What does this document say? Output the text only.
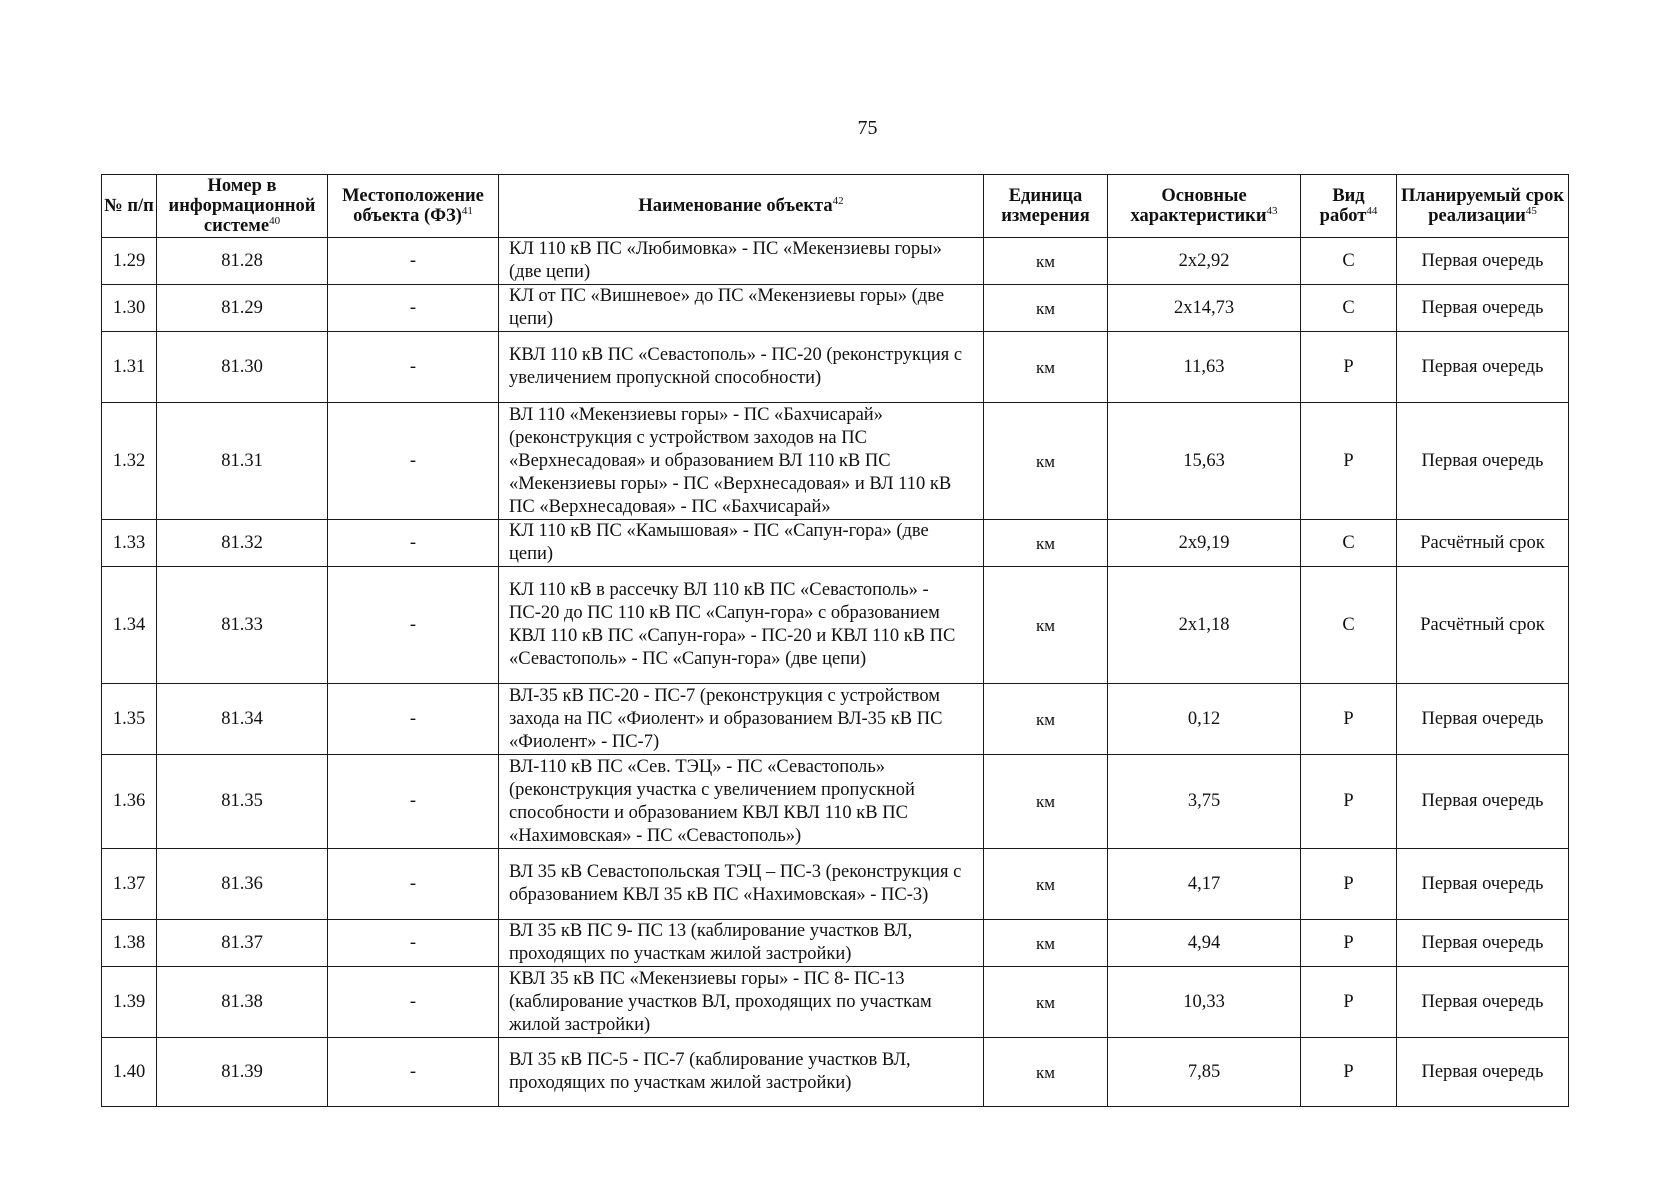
75
№ п/п	Номер в информационной системе$^{40}$	Местоположение объекта (ФЗ)$^{41}$	Наименование объекта$^{42}$	Единица измерения	Основные характеристики$^{43}$	Вид работ$^{44}$	Планируемый срок реализации$^{45}$
1.29	81.28	-	КЛ 110 кВ ПС «Любимовка» - ПС «Мекензиевы горы» (две цепи)	км	2х2,92	С	Первая очередь
1.30	81.29	-	КЛ от ПС «Вишневое» до ПС «Мекензиевы горы» (две цепи)	км	2х14,73	С	Первая очередь
1.31	81.30	-	КВЛ 110 кВ ПС «Севастополь» - ПС-20 (реконструкция с увеличением пропускной способности)	км	11,63	Р	Первая очередь
1.32	81.31	-	ВЛ 110 «Мекензиевы горы» - ПС «Бахчисарай» (реконструкция с устройством заходов на ПС «Верхнесадовая» и образованием ВЛ 110 кВ ПС «Мекензиевы горы» - ПС «Верхнесадовая» и ВЛ 110 кВ ПС «Верхнесадовая» - ПС «Бахчисарай»	км	15,63	Р	Первая очередь
1.33	81.32	-	КЛ 110 кВ ПС «Камышовая» - ПС «Сапун-гора» (две цепи)	км	2х9,19	С	Расчётный срок
1.34	81.33	-	КЛ 110 кВ в рассечку ВЛ 110 кВ ПС «Севастополь» - ПС-20 до ПС 110 кВ ПС «Сапун-гора» с образованием КВЛ 110 кВ ПС «Сапун-гора» - ПС-20 и КВЛ 110 кВ ПС «Севастополь» - ПС «Сапун-гора» (две цепи)	км	2х1,18	С	Расчётный срок
1.35	81.34	-	ВЛ-35 кВ ПС-20 - ПС-7 (реконструкция с устройством захода на ПС «Фиолент» и образованием ВЛ-35 кВ ПС «Фиолент» - ПС-7)	км	0,12	Р	Первая очередь
1.36	81.35	-	ВЛ-110 кВ ПС «Сев. ТЭЦ» - ПС «Севастополь» (реконструкция участка с увеличением пропускной способности и образованием КВЛ КВЛ 110 кВ ПС «Нахимовская» - ПС «Севастополь»)	км	3,75	Р	Первая очередь
1.37	81.36	-	ВЛ 35 кВ Севастопольская ТЭЦ – ПС-3 (реконструкция с образованием КВЛ 35 кВ ПС «Нахимовская» - ПС-3)	км	4,17	Р	Первая очередь
1.38	81.37	-	ВЛ 35 кВ ПС 9- ПС 13 (каблирование участков ВЛ, проходящих по участкам жилой застройки)	км	4,94	Р	Первая очередь
1.39	81.38	-	КВЛ 35 кВ ПС «Мекензиевы горы» - ПС 8- ПС-13 (каблирование участков ВЛ, проходящих по участкам жилой застройки)	км	10,33	Р	Первая очередь
1.40	81.39	-	ВЛ 35 кВ ПС-5 - ПС-7 (каблирование участков ВЛ, проходящих по участкам жилой застройки)	км	7,85	Р	Первая очередь
